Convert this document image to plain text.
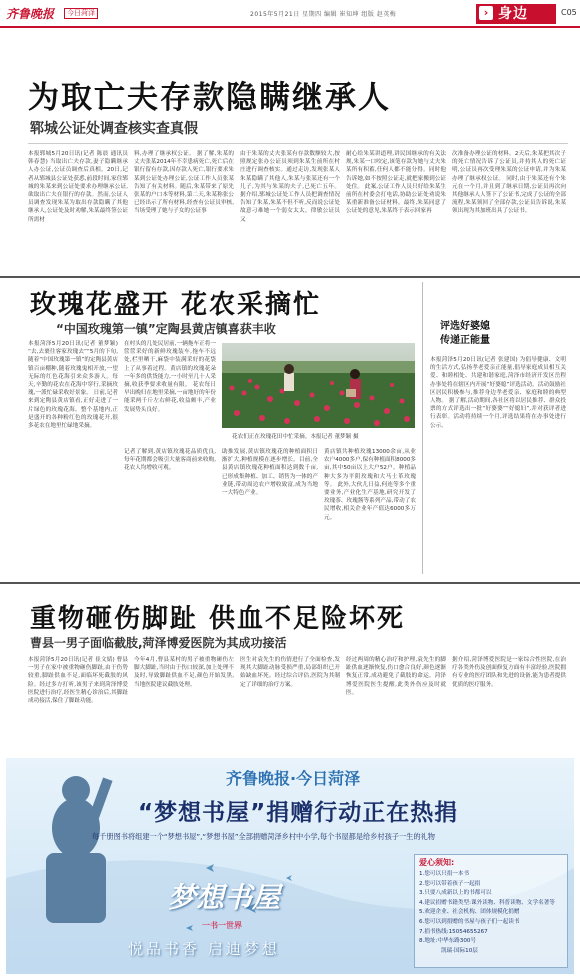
齐鲁晚报	今日菏泽	2015年5月21日 星期四 编辑 崔知坤 组版 赵英梅	› 身边	C05
为取亡夫存款隐瞒继承人
郓城公证处调查核实查真假
本报郓城5月20日讯(记者 陈晨 通讯员 韩春慧) 当取出亡夫存款,妻子隐瞒继承人办公证,公证员调查后真相。20日,记者从郓城县公证处获悉,前段时间,家住郓城的朱某来到公证处要求办理继承公证,欲取出亡夫在银行的存款。然而,公证人员调查发现朱某为取出存款隐瞒了其他继承人,公证处及时劝解,朱某最终签公证所需材
料,办理了继承权公证。 据了解,朱某的丈夫张某2014年不幸患病死亡,死亡后在银行留有存款,因存款人死亡,银行要求朱某到公证处办理公证,公证工作人员张某告知了有关材料。随后,朱某带来了原先张某的户口本等材料,第二天,朱某称张公已经出示了所有材料,经查有公证员审核,当场受理了她与子女的公证事
由于朱某的丈夫张某有存款数额较大,按照规定张办公证员须到朱某生前所在村庄进行调查核实。通过走访,发现张某人朱某隐瞒了其他人,朱某与张某还有一个儿子,为其与朱某的夫子,已死亡五年。 据介绍,郓城公证处工作人员把调查情况告知了朱某,朱某不但不听,反而说公证处故意刁难她一个弱女太太。律敏公证员又
耐心给朱某讲道理,讲民国继承的有关法规,朱某一口咬定,该笔存款为她与丈夫朱某所有积蓄,任何人都不能分得。同时他告诉她,如不按照公证走,就把家搬到公证处住。 此案,公证工作人员只好给朱某生前所在村委会打电话,协助公证处劝说朱某重新准备公证材料。最终,朱某同意了公证处的意见,朱某终于表示回家再
次准备办理公证的材料。2天后,朱某把其次子的死亡情况告诉了公证员,并持其人的死亡证明,公证员再次受理朱某的公证申请,并为朱某办理了继承权公证。 同时,由于朱某还有个朱元在一个月,并且到了继承日期,公证员再次向其他继承人人签下了公证书,完成了公证的全部流程,朱某领回了全部存款,公证员告诉说,朱某领出现为其加班出具了公证书。
玫瑰花盛开 花农采摘忙
“中国玫瑰第一镇”定陶县黄店镇喜获丰收
本报菏泽5月20日讯(记者 董梦颖) “去,去裹往客家玫瑰去”“5月的下旬,随着“中国玫瑰第一镇”的定陶县黄店镇百亩棚种,随着玫瑰鬼相开放,一望无际的红色花海引来众多游人。每天,辛勤的花农在花海中穿行,采摘玫瑰,一派忙碌采收好景象。 日前,记者来到定陶县黄店镇看,正好走进了一片绿色的玫瑰花海。整个基地内,正是盛开的各种粉红色的玫瑰花开,很多花农在地里忙碌地采摘。
在村头的几处民居前,一辆拖车正将一筐筐采好的新鲜玫瑰装车,拖车不远处,栏里晒干,麻袋中装满采好的花袋上了从事着过程。黄店镇的玫瑰花朵一年多的供货能力,一小时至几十人采摘,收获季要求收量有限。 花农每日早出晚归在地里采摘,一亩地好的年份能采两千斤左右鲜花,收益颇丰,产业发展势头良好。
花农们正在玫瑰花田中忙采摘。本报记者 董梦颖 摄
记者了解到,黄店镇玫瑰花品质优良,每年花期都会吸引大量客商前来收购,花农人均增收可观。
助推发展,黄店镇玫瑰花的种植面积日渐扩大,种植规模在逐步增长。目前,全县黄店镇玫瑰花种植面积达到数千亩,已形成集种植、加工、销售为一体的产业链,带动周边农户增收致富,成为当地一大特色产业。
黄店镇共种植玫瑰13000余亩,从业农户4000多户,保有种植面积8000多亩,其中50亩以上大户52户。种植品种大多为平阴玫瑰和大马士革玫瑰等。 此外,大伙儿日益,何连等多个重要业务,产业化生产基地,研究开发了玫瑰茶、玫瑰酱等系列产品,带动了农民增收,相关企业年产值达6000多万元。
评选好婆媳
传递正能量
本报菏泽5月20日讯(记者 张建国) 为倡导健康、文明的生活方式,弘扬孝老爱亲正能量,倡导家庭成员相互关爱、和睦相处、共建和谐家庭,菏泽市经济开发区岳程办事处将在辖区内开展“好婆媳”评选活动。活动鼓励社区居民积极参与,推荐身边孝老爱亲、家庭和睦的典型人物。 据了解,活动期间,各社区将以居民推荐、群众投票的方式评选出一批“好婆婆”“好媳妇”,并对获评者进行表彰。活动将持续一个月,评选结果将在办事处进行公示。
重物砸伤脚趾 供血不足险坏死
曹县一男子面临截肢,菏泽博爱医院为其成功接活
本报菏泽5月20日讯(记者 崔文婧) 曹县一男子在家中被重物砸伤脚趾,由于伤势较重,脚趾供血不足,面临坏死截肢的风险。经过多方打听,该男子来到菏泽博爱医院进行治疗,经医生精心诊治后,其脚趾成功接活,保住了脚趾功能。
今年4月,曹县某村的男子被重物砸伤左脚大脚趾,当时由于伤口较深,加上处理不及时,导致脚趾供血不足,颜色开始发黑,当地医院建议截肢处理。
医生对袁先生的伤情进行了全面检查,发现其大脚趾动脉受损严重,局部组织已开始缺血坏死。经过综合评估,医院为其制定了详细的治疗方案。
经过两周的精心治疗和护理,袁先生的脚趾供血逐渐恢复,伤口愈合良好,颜色逐渐恢复正常,成功避免了截肢的命运。菏泽博爱医院医生提醒,此类外伤应及时就医。
据介绍,菏泽博爱医院是一家综合性医院,在治疗各类外伤及创面修复方面有丰富经验,医院拥有专业的医疗团队和先进的设备,能为患者提供优质的医疗服务。
齐鲁晚报·今日菏泽
“梦想书屋”捐赠行动正在热捐
每千册图书将组建一个“梦想书屋”,“梦想书屋”全部捐赠菏泽乡村中小学,每个书屋都是给乡村孩子一生的礼物
梦想书屋
一书一世界
悦品书香 启迪梦想
爱心须知:
1.您可以只捐一本书
2.您可以带着孩子一起捐
3.只要八成新以上的书都可以
4.建议捐赠书籍类型:课外读物、科普读物、文学名著等
5.欢迎企业、社会机构、团体规模化捐赠
6.您可以到捐赠的书屋与孩子们一起读书
7.捐书热线:15054655267
8.地址:中华东路300号
凯瑞·国际10层
